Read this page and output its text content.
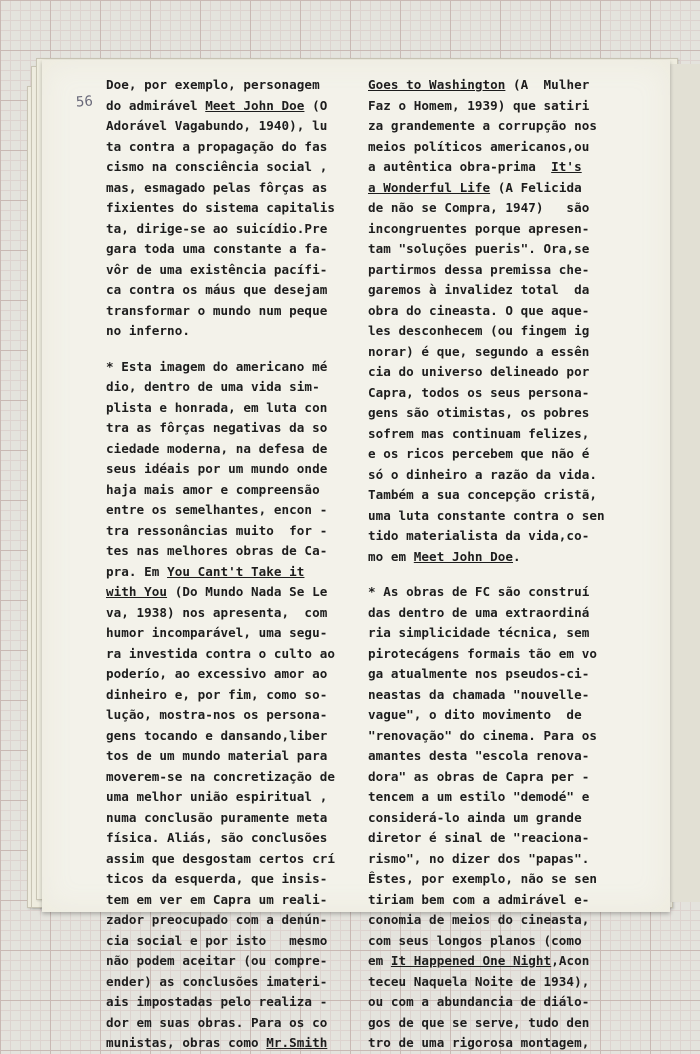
56
Doe, por exemplo, personagem
do admirável Meet John Doe (O
Adorável Vagabundo, 1940), lu
ta contra a propagação do fas
cismo na consciência social ,
mas, esmagado pelas fôrças as
fixientes do sistema capitalis
ta, dirige-se ao suicídio.Pre
gara toda uma constante a fa-
vôr de uma existência pacífi-
ca contra os máus que desejam
transformar o mundo num peque
no inferno.
* Esta imagem do americano mé
dio, dentro de uma vida sim-
plista e honrada, em luta con
tra as fôrças negativas da so
ciedade moderna, na defesa de
seus idéais por um mundo onde
haja mais amor e compreensão
entre os semelhantes, encon -
tra ressonâncias muito  for -
tes nas melhores obras de Ca-
pra. Em You Cant't Take it
with You (Do Mundo Nada Se Le
va, 1938) nos apresenta,  com
humor incomparável, uma segu-
ra investida contra o culto ao
poderío, ao excessivo amor ao
dinheiro e, por fim, como so-
lução, mostra-nos os persona-
gens tocando e dansando,liber
tos de um mundo material para
moverem-se na concretização de
uma melhor união espiritual ,
numa conclusão puramente meta
física. Aliás, são conclusões
assim que desgostam certos crí
ticos da esquerda, que insis-
tem em ver em Capra um reali-
zador preocupado com a denún-
cia social e por isto   mesmo
não podem aceitar (ou compre-
ender) as conclusões imateri-
ais impostadas pelo realiza -
dor em suas obras. Para os co
munistas, obras como Mr.Smith
Goes to Washington (A  Mulher
Faz o Homem, 1939) que satiri
za grandemente a corrupção nos
meios políticos americanos,ou
a autêntica obra-prima  It's
a Wonderful Life (A Felicida
de não se Compra, 1947)   são
incongruentes porque apresen-
tam "soluções pueris". Ora,se
partirmos dessa premissa che-
garemos à invalidez total  da
obra do cineasta. O que aque-
les desconhecem (ou fingem ig
norar) é que, segundo a essên
cia do universo delineado por
Capra, todos os seus persona-
gens são otimistas, os pobres
sofrem mas continuam felizes,
e os ricos percebem que não é
só o dinheiro a razão da vida.
Também a sua concepção cristã,
uma luta constante contra o sen
tido materialista da vida,co-
mo em Meet John Doe.
* As obras de FC são construí
das dentro de uma extraordiná
ria simplicidade técnica, sem
pirotecágens formais tão em vo
ga atualmente nos pseudos-ci-
neastas da chamada "nouvelle-
vague", o dito movimento  de
"renovação" do cinema. Para os
amantes desta "escola renova-
dora" as obras de Capra per -
tencem a um estilo "demodé" e
considerá-lo ainda um grande
diretor é sinal de "reaciona-
rismo", no dizer dos "papas".
Êstes, por exemplo, não se sen
tiriam bem com a admirável e-
conomia de meios do cineasta,
com seus longos planos (como
em It Happened One Night,Acon
teceu Naquela Noite de 1934),
ou com a abundancia de diálo-
gos de que se serve, tudo den
tro de uma rigorosa montagem,
